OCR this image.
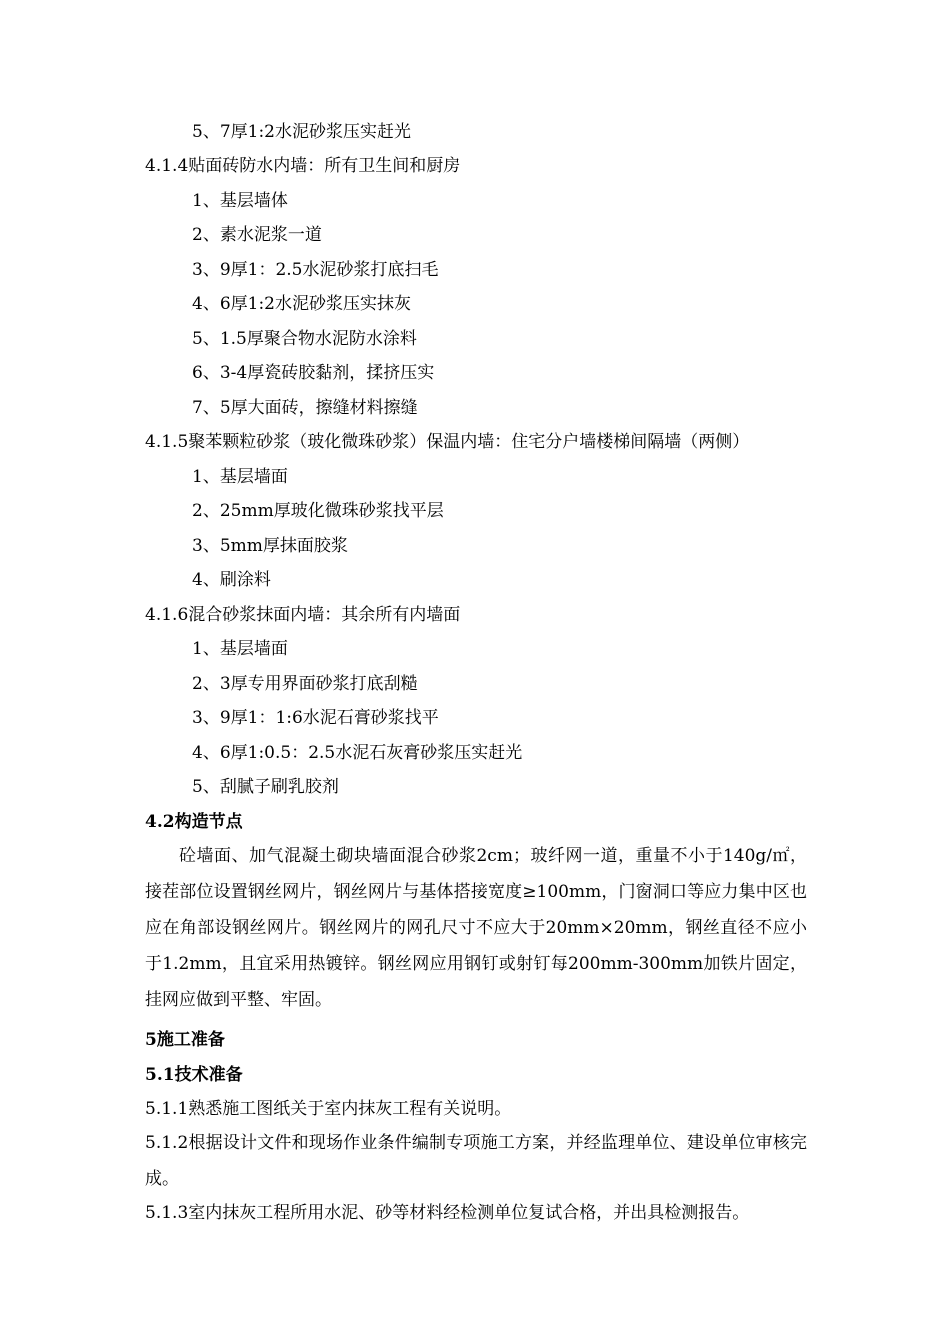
5、7厚1:2水泥砂浆压实赶光
4.1.4贴面砖防水内墙：所有卫生间和厨房
1、基层墙体
2、素水泥浆一道
3、9厚1：2.5水泥砂浆打底扫毛
4、6厚1:2水泥砂浆压实抹灰
5、1.5厚聚合物水泥防水涂料
6、3-4厚瓷砖胶黏剂，揉挤压实
7、5厚大面砖，擦缝材料擦缝
4.1.5聚苯颗粒砂浆（玻化微珠砂浆）保温内墙：住宅分户墙楼梯间隔墙（两侧）
1、基层墙面
2、25mm厚玻化微珠砂浆找平层
3、5mm厚抹面胶浆
4、刷涂料
4.1.6混合砂浆抹面内墙：其余所有内墙面
1、基层墙面
2、3厚专用界面砂浆打底刮糙
3、9厚1：1:6水泥石膏砂浆找平
4、6厚1:0.5：2.5水泥石灰膏砂浆压实赶光
5、刮腻子刷乳胶剂
4.2构造节点
砼墙面、加气混凝土砌块墙面混合砂浆2cm；玻纤网一道，重量不小于140g/㎡，接茬部位设置钢丝网片，钢丝网片与基体搭接宽度≥100mm，门窗洞口等应力集中区也应在角部设钢丝网片。钢丝网片的网孔尺寸不应大于20mm×20mm，钢丝直径不应小于1.2mm，且宜采用热镀锌。钢丝网应用钢钉或射钉每200mm-300mm加铁片固定，挂网应做到平整、牢固。
5施工准备
5.1技术准备
5.1.1熟悉施工图纸关于室内抹灰工程有关说明。
5.1.2根据设计文件和现场作业条件编制专项施工方案，并经监理单位、建设单位审核完成。
5.1.3室内抹灰工程所用水泥、砂等材料经检测单位复试合格，并出具检测报告。
